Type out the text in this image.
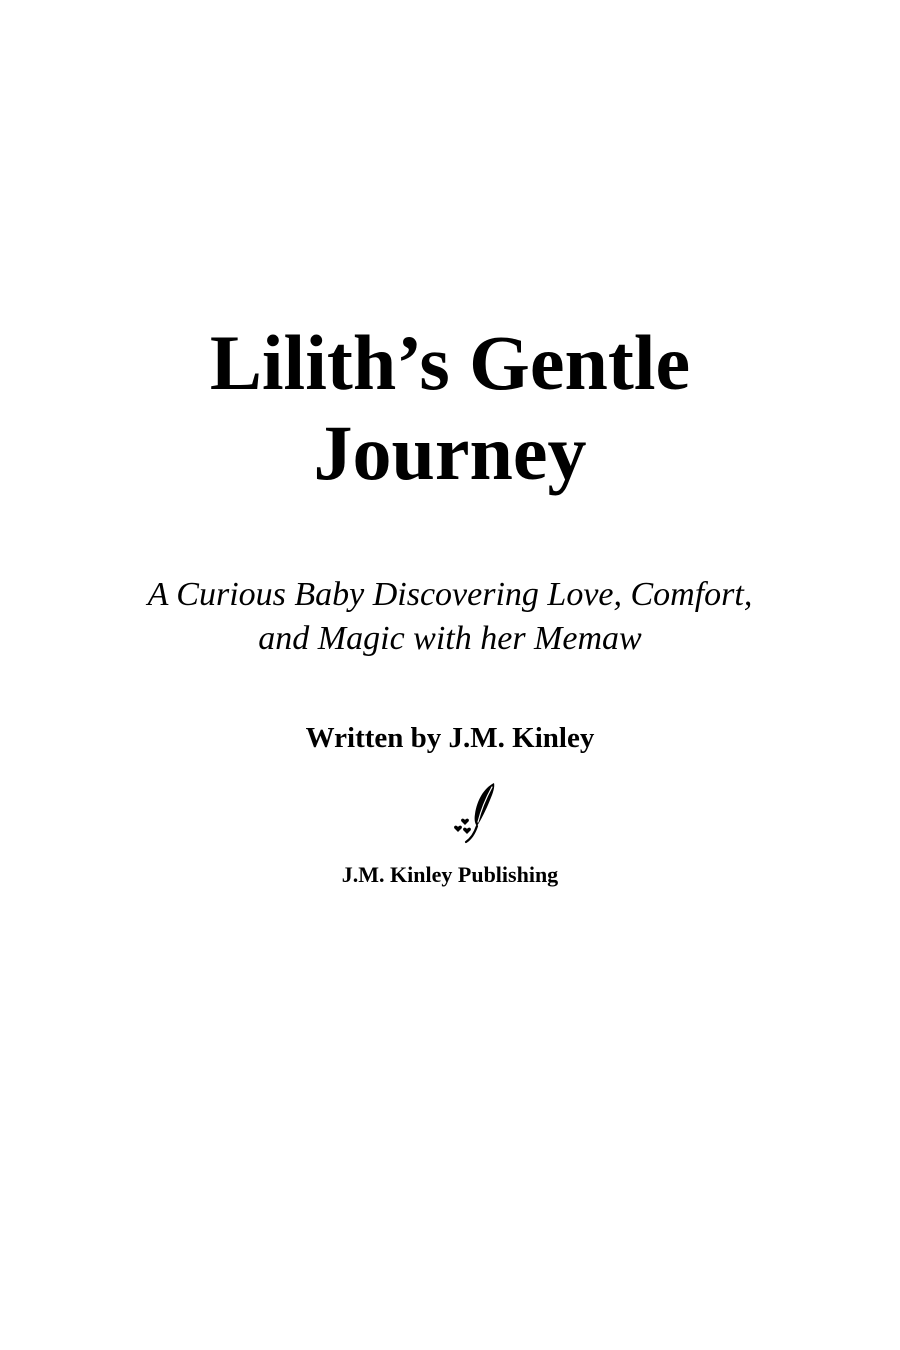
Lilith’s Gentle
Journey

A Curious Baby Discovering Love, Comfort,
and Magic with her Memaw

Written by J.M. Kinley

J.M. Kinley Publishing
